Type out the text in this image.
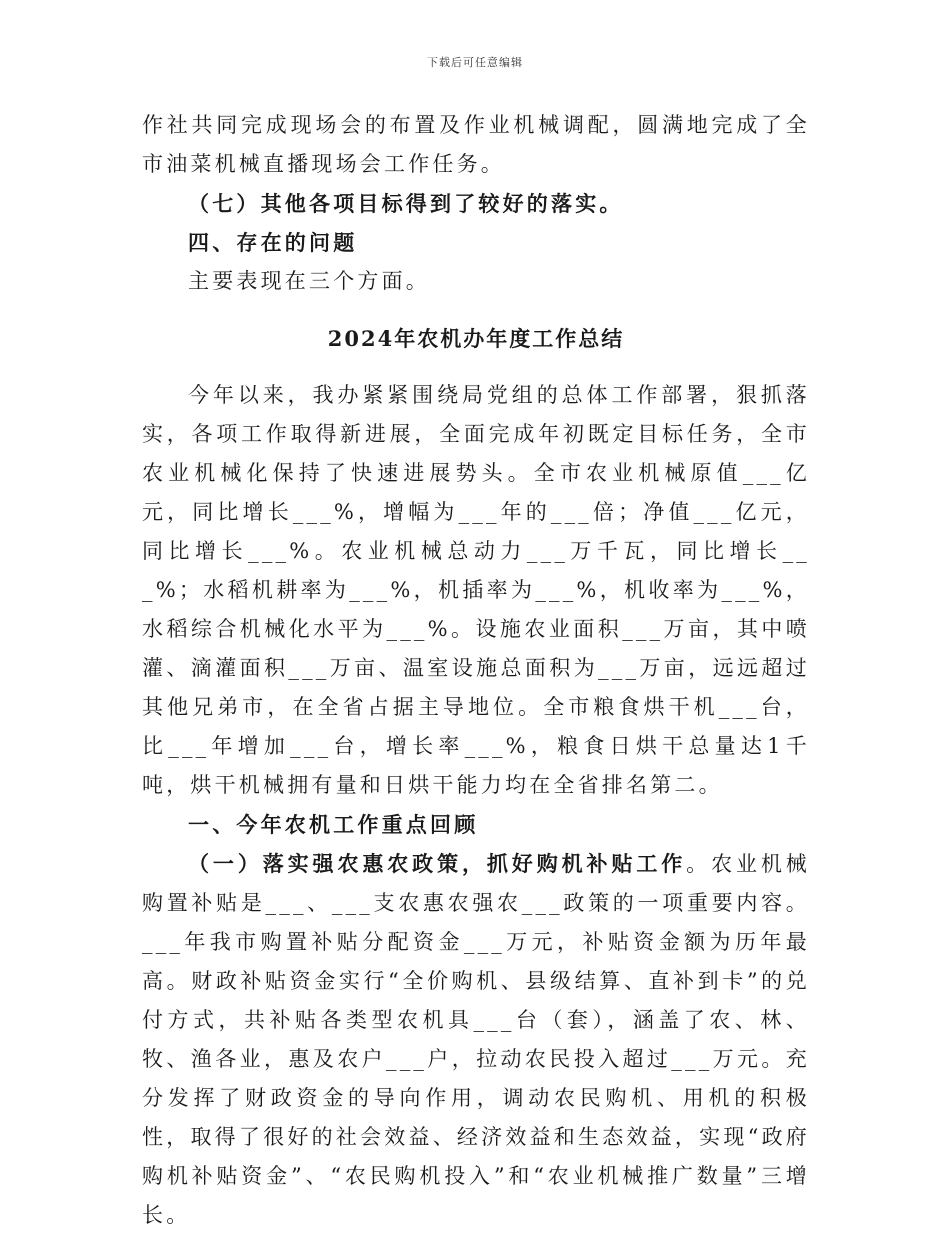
下载后可任意编辑

作社共同完成现场会的布置及作业机械调配，圆满地完成了全市油菜机械直播现场会工作任务。

（七）其他各项目标得到了较好的落实。

四、存在的问题

主要表现在三个方面。

2024年农机办年度工作总结

今年以来，我办紧紧围绕局党组的总体工作部署，狠抓落实，各项工作取得新进展，全面完成年初既定目标任务，全市农业机械化保持了快速进展势头。全市农业机械原值___亿元，同比增长___%，增幅为___年的___倍；净值___亿元，同比增长___%。农业机械总动力___万千瓦，同比增长___%；水稻机耕率为___%，机插率为___%，机收率为___%，水稻综合机械化水平为___%。设施农业面积___万亩，其中喷灌、滴灌面积___万亩、温室设施总面积为___万亩，远远超过其他兄弟市，在全省占据主导地位。全市粮食烘干机___台，比___年增加___台，增长率___%，粮食日烘干总量达1千吨，烘干机械拥有量和日烘干能力均在全省排名第二。

一、今年农机工作重点回顾

（一）落实强农惠农政策，抓好购机补贴工作。农业机械购置补贴是___、___支农惠农强农___政策的一项重要内容。___年我市购置补贴分配资金___万元，补贴资金额为历年最高。财政补贴资金实行“全价购机、县级结算、直补到卡”的兑付方式，共补贴各类型农机具___台（套），涵盖了农、林、牧、渔各业，惠及农户___户，拉动农民投入超过___万元。充分发挥了财政资金的导向作用，调动农民购机、用机的积极性，取得了很好的社会效益、经济效益和生态效益，实现“政府购机补贴资金”、“农民购机投入”和“农业机械推广数量”三增长。
